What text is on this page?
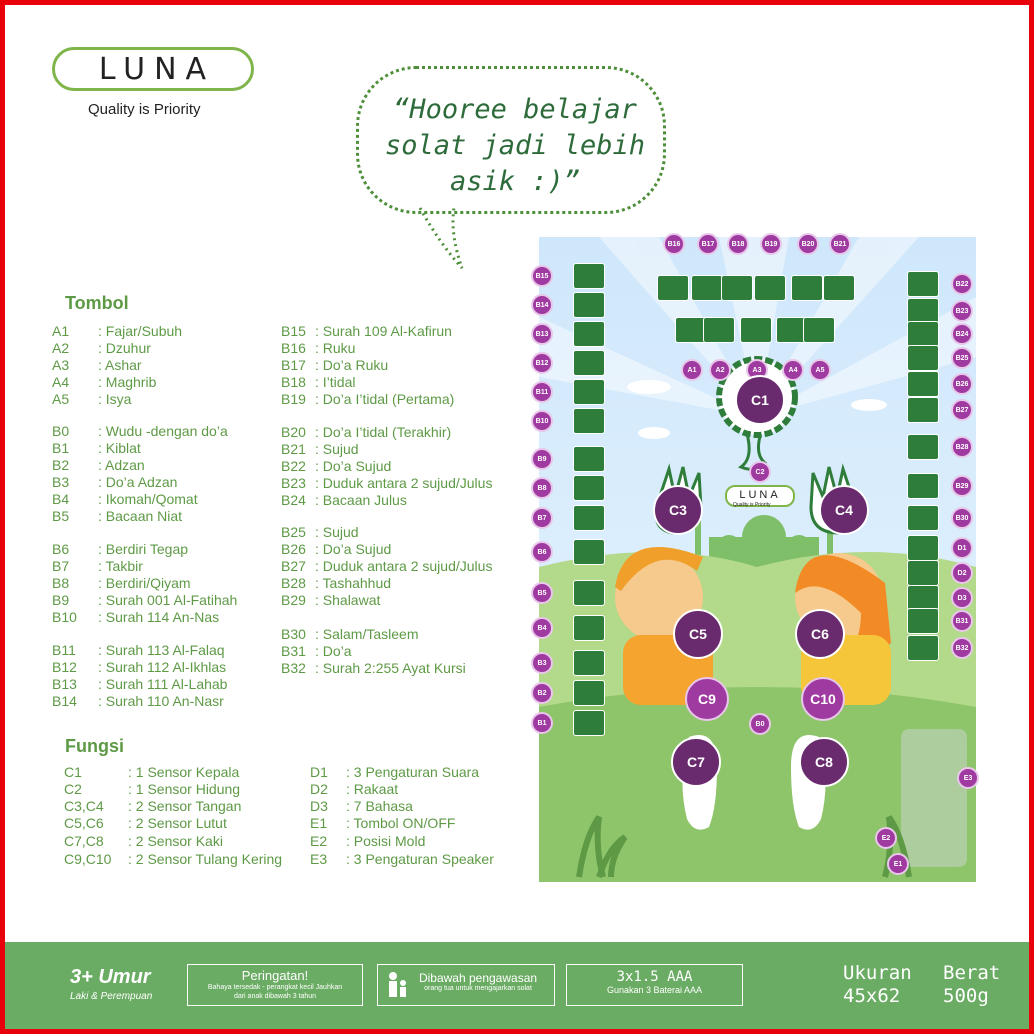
LUNA
Quality is Priority	“Hooree belajar solat jadi lebih asik :)”
Tombol
A1 : Fajar/Subuh
A2 : Dzuhur
A3 : Ashar
A4 : Maghrib
A5 : Isya
B0 : Wudu -dengan do’a
B1 : Kiblat
B2 : Adzan
B3 : Do’a Adzan
B4 : Ikomah/Qomat
B5 : Bacaan Niat
B6 : Berdiri Tegap
B7 : Takbir
B8 : Berdiri/Qiyam
B9 : Surah 001 Al-Fatihah
B10 : Surah 114 An-Nas
B11 : Surah 113 Al-Falaq
B12 : Surah 112 Al-Ikhlas
B13 : Surah 111 Al-Lahab
B14 : Surah 110 An-Nasr
B15 : Surah 109 Al-Kafirun
B16 : Ruku
B17 : Do’a Ruku
B18 : I’tidal
B19 : Do’a I’tidal (Pertama)
B20 : Do’a I’tidal (Terakhir)
B21 : Sujud
B22 : Do’a Sujud
B23 : Duduk antara 2 sujud/Julus
B24 : Bacaan Julus
B25 : Sujud
B26 : Do’a Sujud
B27 : Duduk antara 2 sujud/Julus
B28 : Tashahhud
B29 : Shalawat
B30 : Salam/Tasleem
B31 : Do’a
B32 : Surah 2:255 Ayat Kursi
Fungsi
C1	: 1 Sensor Kepala
C2	: 1 Sensor Hidung
C3,C4 : 2 Sensor Tangan
C5,C6 : 2 Sensor Lutut
C7,C8 : 2 Sensor Kaki
C9,C10 : 2 Sensor Tulang Kering
D1 : 3 Pengaturan Suara
D2 : Rakaat
D3 : 7 Bahasa
E1 : Tombol ON/OFF
E2 : Posisi Mold
E3 : 3 Pengaturan Speaker
LUNA
Quality is Priority
B16	B17	B18	B19	B20	B21
A1	A2	A3	A4	A5
B15
B14
B13
B12
B11
B10
B9
B8
B7
B6
B5
B4
B3
B2
B1
B22
B23
B24
B25
B26
B27
B28
B29
B30
D1
D2
D3
B31
B32
C1
C2
C3	C4
C5	C6
C7	C8
C9	C10
B0
E1
E2
E3
3+ Umur
Laki & Perempuan
Peringatan!
Bahaya tersedak - perangkat kecil Jauhkan dari anak dibawah 3 tahun
Dibawah pengawasan
orang tua untuk mengajarkan solat
3x1.5 AAA
Gunakan 3 Baterai AAA
Ukuran
45x62
Berat
500g
